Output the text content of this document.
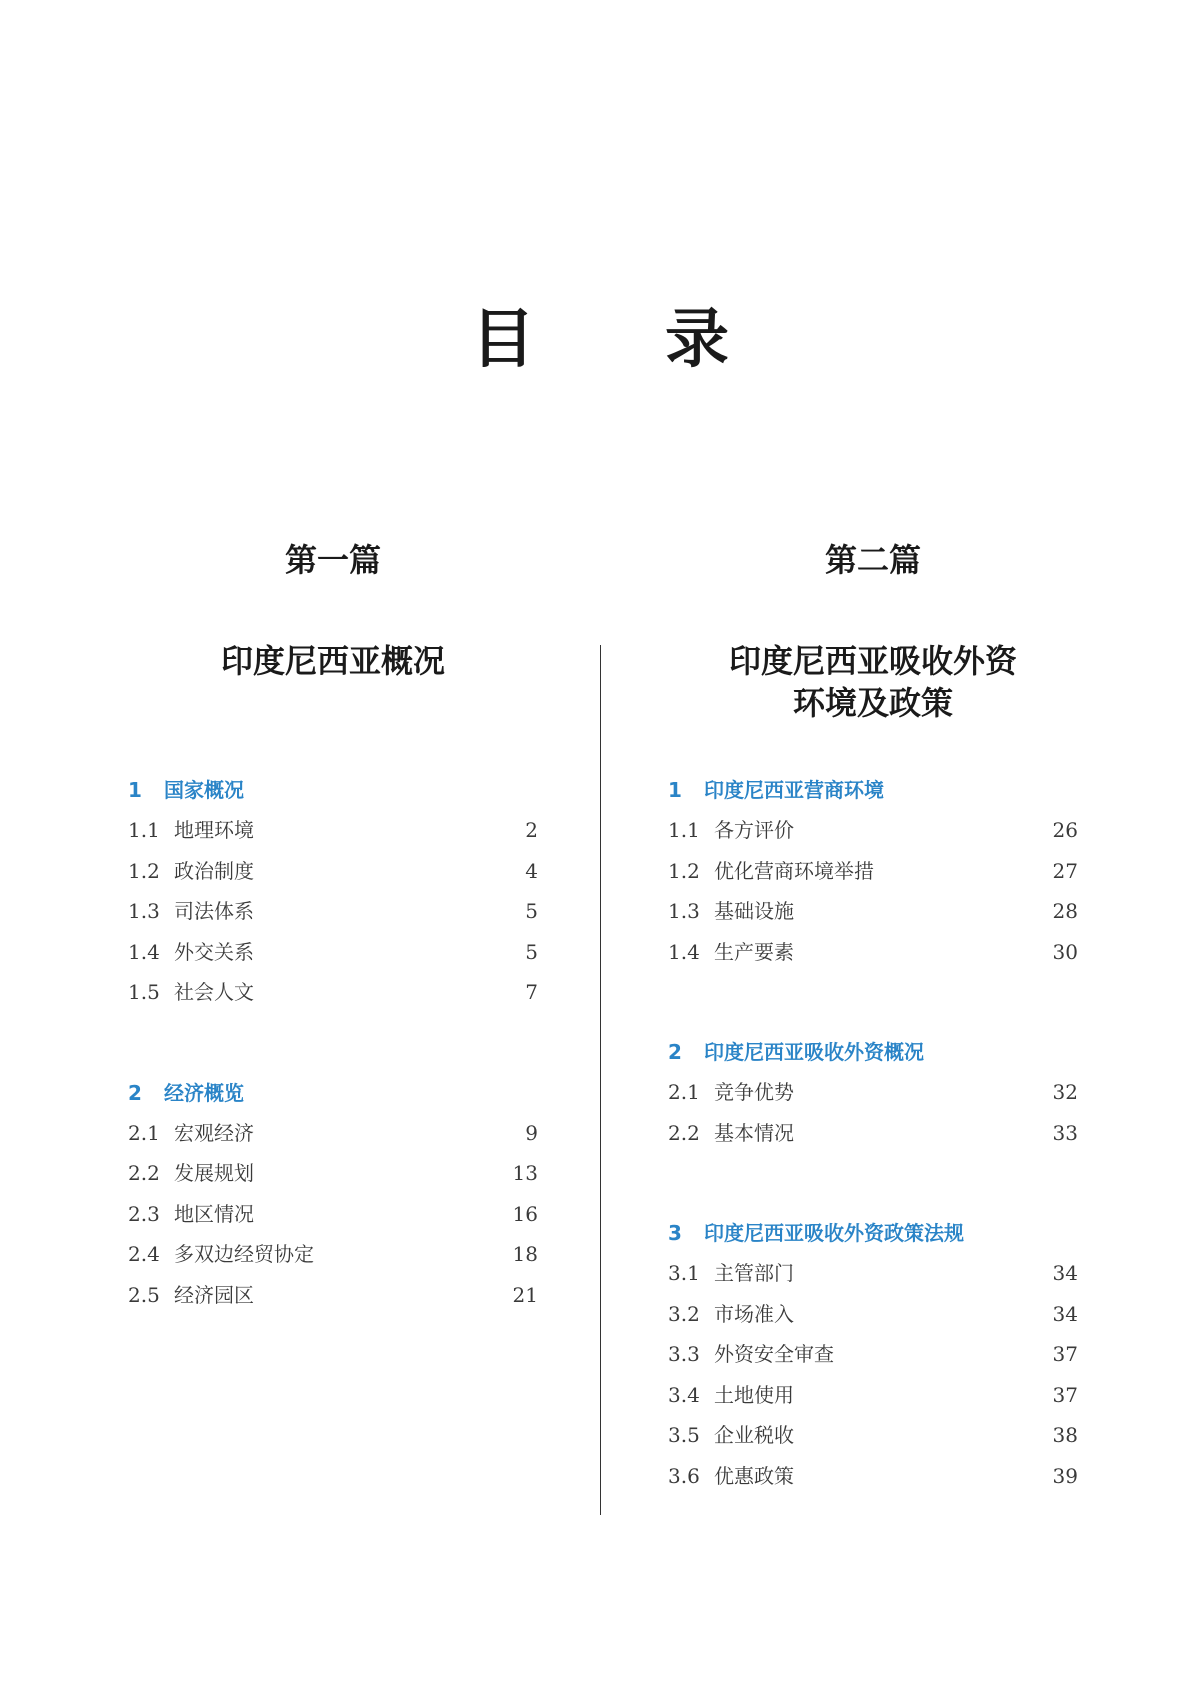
目录
第一篇
印度尼西亚概况
1 国家概况
1.1 地理环境	2
1.2 政治制度	4
1.3 司法体系	5
1.4 外交关系	5
1.5 社会人文	7
2 经济概览
2.1 宏观经济	9
2.2 发展规划	13
2.3 地区情况	16
2.4 多双边经贸协定	18
2.5 经济园区	21
第二篇
印度尼西亚吸收外资
环境及政策
1 印度尼西亚营商环境
1.1 各方评价	26
1.2 优化营商环境举措	27
1.3 基础设施	28
1.4 生产要素	30
2 印度尼西亚吸收外资概况
2.1 竞争优势	32
2.2 基本情况	33
3 印度尼西亚吸收外资政策法规
3.1 主管部门	34
3.2 市场准入	34
3.3 外资安全审查	37
3.4 土地使用	37
3.5 企业税收	38
3.6 优惠政策	39
